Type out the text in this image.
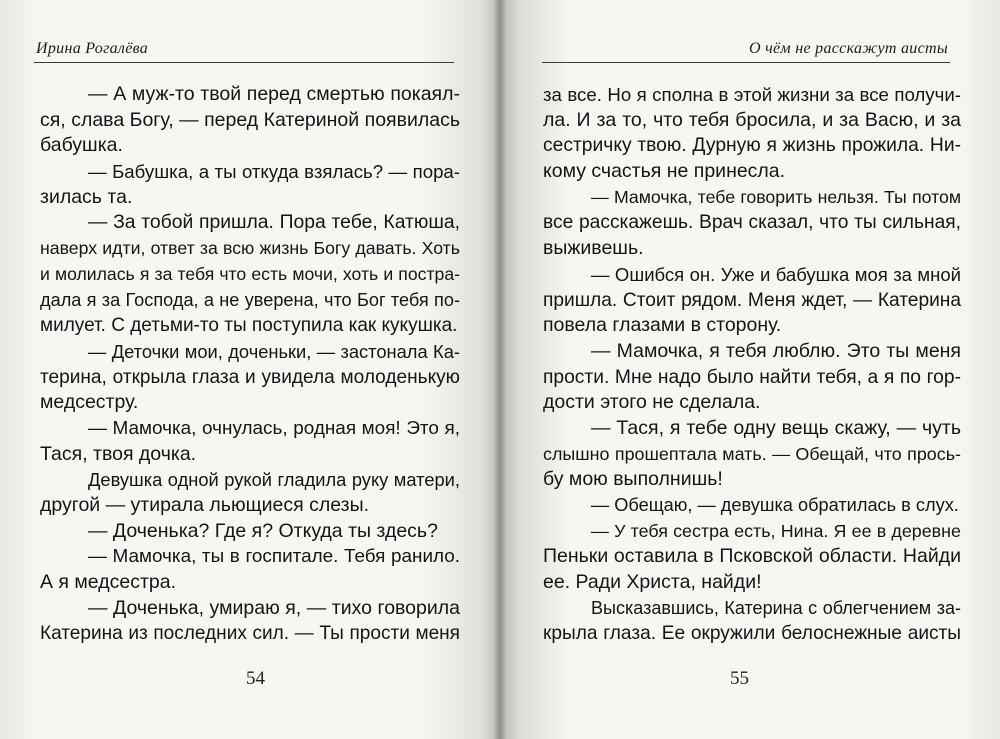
Ирина Рогалёва
— А муж-то твой перед смертью покаял-
ся, слава Богу, — перед Катериной появилась
бабушка.
— Бабушка, а ты откуда взялась? — пора-
зилась та.
— За тобой пришла. Пора тебе, Катюша,
наверх идти, ответ за всю жизнь Богу давать. Хоть
и молилась я за тебя что есть мочи, хоть и постра-
дала я за Господа, а не уверена, что Бог тебя по-
милует. С детьми-то ты поступила как кукушка.
— Деточки мои, доченьки, — застонала Ка-
терина, открыла глаза и увидела молоденькую
медсестру.
— Мамочка, очнулась, родная моя! Это я,
Тася, твоя дочка.
Девушка одной рукой гладила руку матери,
другой — утирала льющиеся слезы.
— Доченька? Где я? Откуда ты здесь?
— Мамочка, ты в госпитале. Тебя ранило.
А я медсестра.
— Доченька, умираю я, — тихо говорила
Катерина из последних сил. — Ты прости меня
54
О чём не расскажут аисты
за все. Но я сполна в этой жизни за все получи-
ла. И за то, что тебя бросила, и за Васю, и за
сестричку твою. Дурную я жизнь прожила. Ни-
кому счастья не принесла.
— Мамочка, тебе говорить нельзя. Ты потом
все расскажешь. Врач сказал, что ты сильная,
выживешь.
— Ошибся он. Уже и бабушка моя за мной
пришла. Стоит рядом. Меня ждет, — Катерина
повела глазами в сторону.
— Мамочка, я тебя люблю. Это ты меня
прости. Мне надо было найти тебя, а я по гор-
дости этого не сделала.
— Тася, я тебе одну вещь скажу, — чуть
слышно прошептала мать. — Обещай, что прось-
бу мою выполнишь!
— Обещаю, — девушка обратилась в слух.
— У тебя сестра есть, Нина. Я ее в деревне
Пеньки оставила в Псковской области. Найди
ее. Ради Христа, найди!
Высказавшись, Катерина с облегчением за-
крыла глаза. Ее окружили белоснежные аисты
55
